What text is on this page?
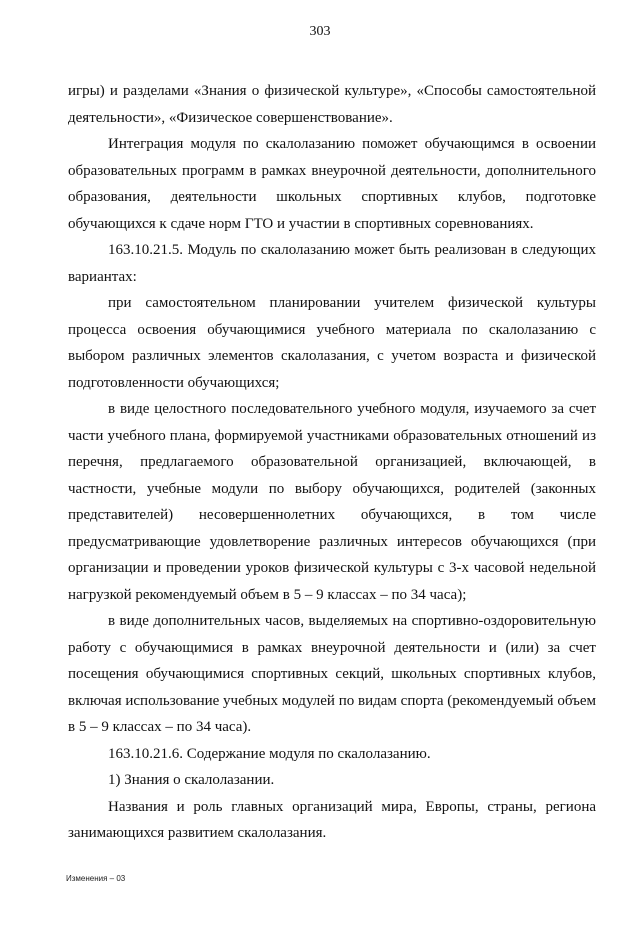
303

игры) и разделами «Знания о физической культуре», «Способы самостоятельной деятельности», «Физическое совершенствование».

Интеграция модуля по скалолазанию поможет обучающимся в освоении образовательных программ в рамках внеурочной деятельности, дополнительного образования, деятельности школьных спортивных клубов, подготовке обучающихся к сдаче норм ГТО и участии в спортивных соревнованиях.

163.10.21.5. Модуль по скалолазанию может быть реализован в следующих вариантах:

при самостоятельном планировании учителем физической культуры процесса освоения обучающимися учебного материала по скалолазанию с выбором различных элементов скалолазания, с учетом возраста и физической подготовленности обучающихся;

в виде целостного последовательного учебного модуля, изучаемого за счет части учебного плана, формируемой участниками образовательных отношений из перечня, предлагаемого образовательной организацией, включающей, в частности, учебные модули по выбору обучающихся, родителей (законных представителей) несовершеннолетних обучающихся, в том числе предусматривающие удовлетворение различных интересов обучающихся (при организации и проведении уроков физической культуры с 3-х часовой недельной нагрузкой рекомендуемый объем в 5 – 9 классах – по 34 часа);

в виде дополнительных часов, выделяемых на спортивно-оздоровительную работу с обучающимися в рамках внеурочной деятельности и (или) за счет посещения обучающимися спортивных секций, школьных спортивных клубов, включая использование учебных модулей по видам спорта (рекомендуемый объем в 5 – 9 классах – по 34 часа).

163.10.21.6. Содержание модуля по скалолазанию.

1) Знания о скалолазании.

Названия и роль главных организаций мира, Европы, страны, региона занимающихся развитием скалолазания.

Изменения – 03
